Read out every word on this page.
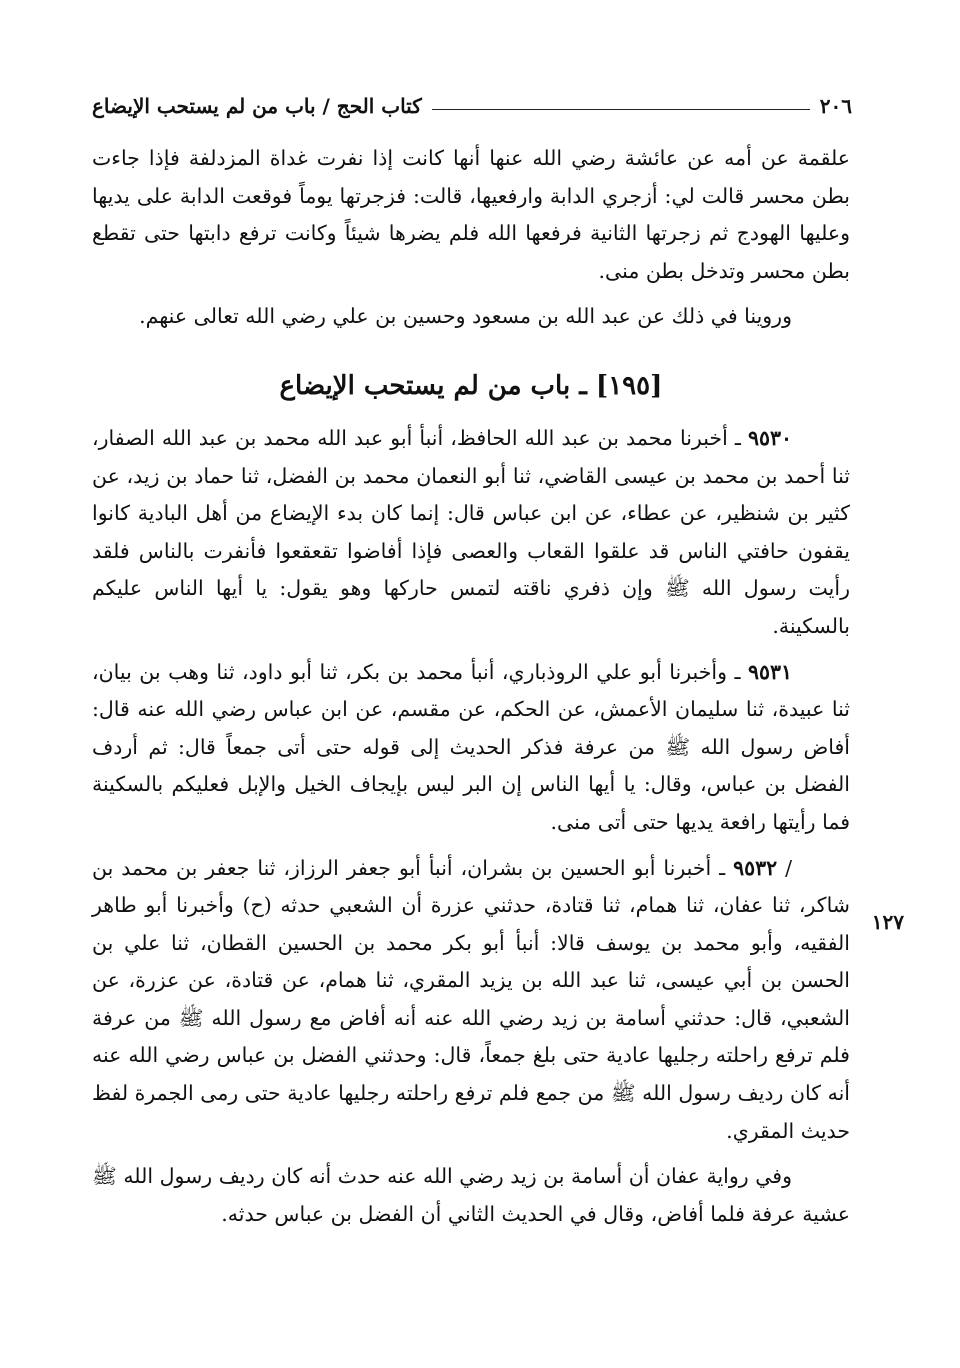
٢٠٦
كتاب الحج / باب من لم يستحب الإيضاع
١٢٧

علقمة عن أمه عن عائشة رضي الله عنها أنها كانت إذا نفرت غداة المزدلفة فإذا جاءت بطن محسر قالت لي: أزجري الدابة وارفعيها، قالت: فزجرتها يوماً فوقعت الدابة على يديها وعليها الهودج ثم زجرتها الثانية فرفعها الله فلم يضرها شيئاً وكانت ترفع دابتها حتى تقطع بطن محسر وتدخل بطن منى.

وروينا في ذلك عن عبد الله بن مسعود وحسين بن علي رضي الله تعالى عنهم.

[١٩٥] ـ باب من لم يستحب الإيضاع

٩٥٣٠ ـ أخبرنا محمد بن عبد الله الحافظ، أنبأ أبو عبد الله محمد بن عبد الله الصفار، ثنا أحمد بن محمد بن عيسى القاضي، ثنا أبو النعمان محمد بن الفضل، ثنا حماد بن زيد، عن كثير بن شنظير، عن عطاء، عن ابن عباس قال: إنما كان بدء الإيضاع من أهل البادية كانوا يقفون حافتي الناس قد علقوا القعاب والعصى فإذا أفاضوا تقعقعوا فأنفرت بالناس فلقد رأيت رسول الله ﷺ وإن ذفري ناقته لتمس حاركها وهو يقول: يا أيها الناس عليكم بالسكينة.

٩٥٣١ ـ وأخبرنا أبو علي الروذباري، أنبأ محمد بن بكر، ثنا أبو داود، ثنا وهب بن بيان، ثنا عبيدة، ثنا سليمان الأعمش، عن الحكم، عن مقسم، عن ابن عباس رضي الله عنه قال: أفاض رسول الله ﷺ من عرفة فذكر الحديث إلى قوله حتى أتى جمعاً قال: ثم أردف الفضل بن عباس، وقال: يا أيها الناس إن البر ليس بإيجاف الخيل والإبل فعليكم بالسكينة فما رأيتها رافعة يديها حتى أتى منى.

/ ٩٥٣٢ ـ أخبرنا أبو الحسين بن بشران، أنبأ أبو جعفر الرزاز، ثنا جعفر بن محمد بن شاكر، ثنا عفان، ثنا همام، ثنا قتادة، حدثني عزرة أن الشعبي حدثه (ح) وأخبرنا أبو طاهر الفقيه، وأبو محمد بن يوسف قالا: أنبأ أبو بكر محمد بن الحسين القطان، ثنا علي بن الحسن بن أبي عيسى، ثنا عبد الله بن يزيد المقري، ثنا همام، عن قتادة، عن عزرة، عن الشعبي، قال: حدثني أسامة بن زيد رضي الله عنه أنه أفاض مع رسول الله ﷺ من عرفة فلم ترفع راحلته رجليها عادية حتى بلغ جمعاً، قال: وحدثني الفضل بن عباس رضي الله عنه أنه كان رديف رسول الله ﷺ من جمع فلم ترفع راحلته رجليها عادية حتى رمى الجمرة لفظ حديث المقري.

وفي رواية عفان أن أسامة بن زيد رضي الله عنه حدث أنه كان رديف رسول الله ﷺ عشية عرفة فلما أفاض، وقال في الحديث الثاني أن الفضل بن عباس حدثه.
